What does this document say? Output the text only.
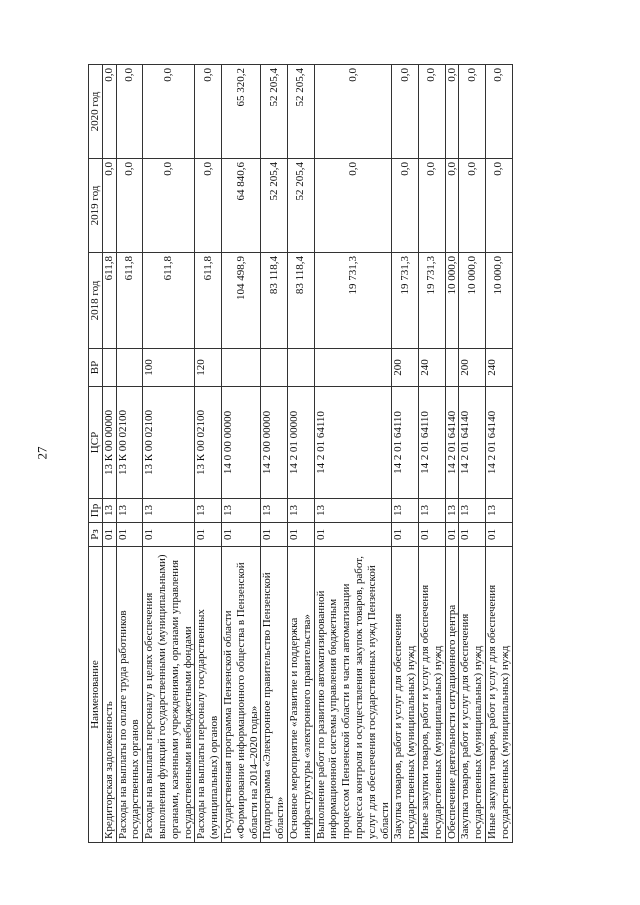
27
Наименование	Рз	Пр	ЦСР	ВР	2018 год	2019 год	2020 год
Кредиторская задолженность	01	13	13 К 00 00000		611,8	0,0	0,0
Расходы на выплаты по оплате труда работников государственных органов	01	13	13 К 00 02100		611,8	0,0	0,0
Расходы на выплаты персоналу в целях обеспечения выполнения функций государственными (муниципальными) органами, казенными учреждениями, органами управления государственными внебюджетными фондами	01	13	13 К 00 02100	100	611,8	0,0	0,0
Расходы на выплаты персоналу государственных (муниципальных) органов	01	13	13 К 00 02100	120	611,8	0,0	0,0
Государственная программа Пензенской области «Формирование информационного общества в Пензенской области на 2014–2020 годы»	01	13	14 0 00 00000		104 498,9	64 840,6	65 320,2
Подпрограмма «Электронное правительство Пензенской области»	01	13	14 2 00 00000		83 118,4	52 205,4	52 205,4
Основное мероприятие «Развитие и поддержка инфраструктуры «электронного правительства»	01	13	14 2 01 00000		83 118,4	52 205,4	52 205,4
Выполнение работ по развитию автоматизированной информационной системы управления бюджетным процессом Пензенской области в части автоматизации процесса контроля и осуществления закупок товаров, работ, услуг для обеспечения государственных нужд Пензенской области	01	13	14 2 01 64110		19 731,3	0,0	0,0
Закупка товаров, работ и услуг для обеспечения государственных (муниципальных) нужд	01	13	14 2 01 64110	200	19 731,3	0,0	0,0
Иные закупки товаров, работ и услуг для обеспечения государственных (муниципальных) нужд	01	13	14 2 01 64110	240	19 731,3	0,0	0,0
Обеспечение деятельности ситуационного центра	01	13	14 2 01 64140		10 000,0	0,0	0,0
Закупка товаров, работ и услуг для обеспечения государственных (муниципальных) нужд	01	13	14 2 01 64140	200	10 000,0	0,0	0,0
Иные закупки товаров, работ и услуг для обеспечения государственных (муниципальных) нужд	01	13	14 2 01 64140	240	10 000,0	0,0	0,0
